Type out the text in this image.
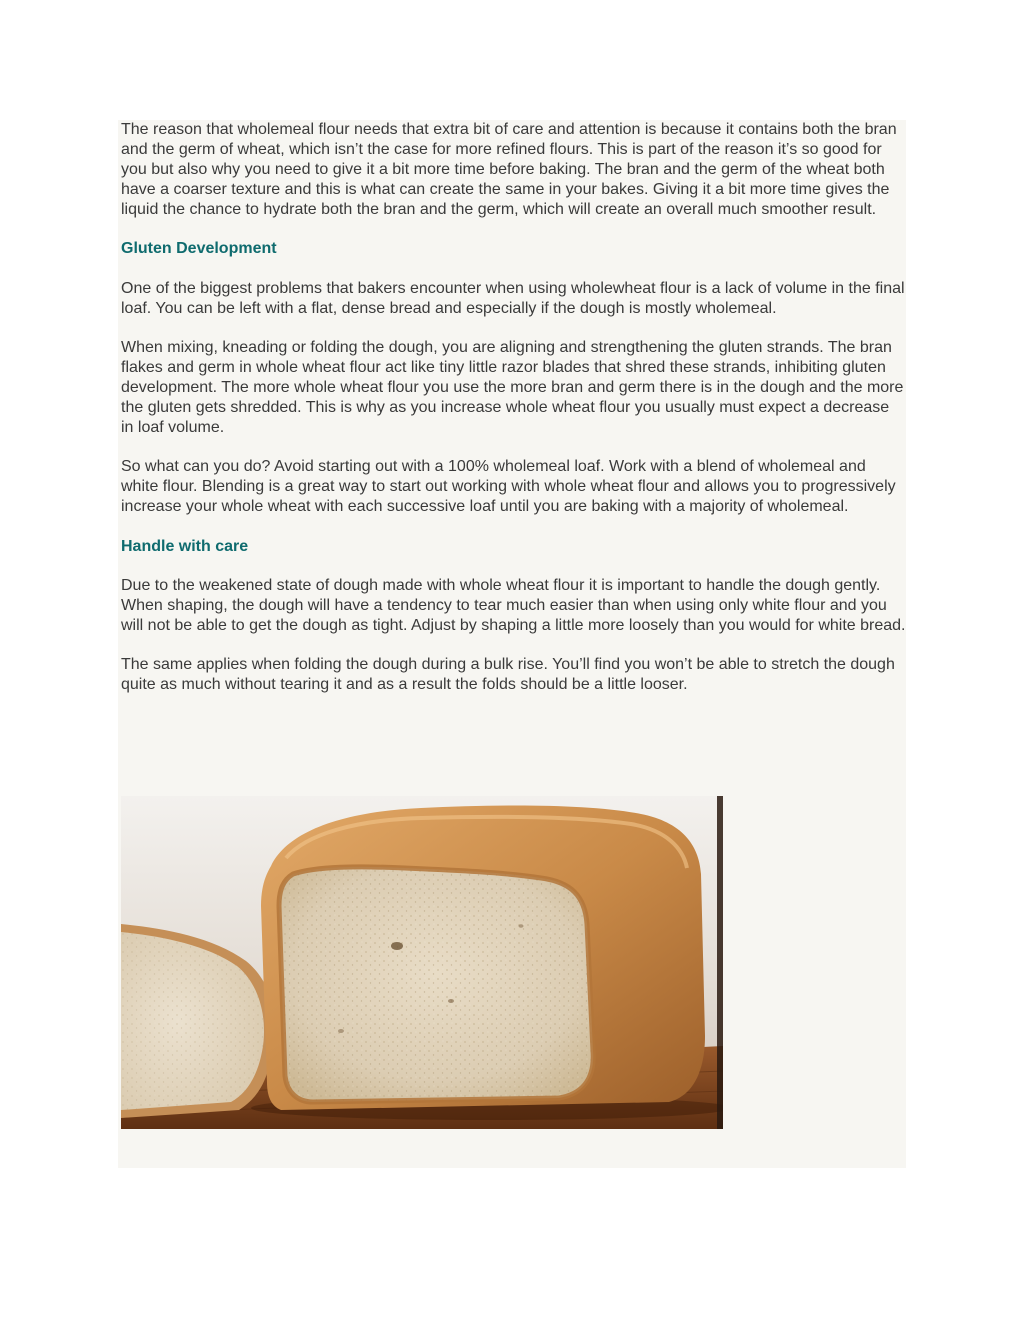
The reason that wholemeal flour needs that extra bit of care and attention is because it contains both the bran and the germ of wheat, which isn’t the case for more refined flours. This is part of the reason it’s so good for you but also why you need to give it a bit more time before baking. The bran and the germ of the wheat both have a coarser texture and this is what can create the same in your bakes. Giving it a bit more time gives the liquid the chance to hydrate both the bran and the germ, which will create an overall much smoother result.

Gluten Development

One of the biggest problems that bakers encounter when using wholewheat flour is a lack of volume in the final loaf. You can be left with a flat, dense bread and especially if the dough is mostly wholemeal.

When mixing, kneading or folding the dough, you are aligning and strengthening the gluten strands. The bran flakes and germ in whole wheat flour act like tiny little razor blades that shred these strands, inhibiting gluten development. The more whole wheat flour you use the more bran and germ there is in the dough and the more the gluten gets shredded. This is why as you increase whole wheat flour you usually must expect a decrease in loaf volume.

So what can you do? Avoid starting out with a 100% wholemeal loaf. Work with a blend of wholemeal and white flour. Blending is a great way to start out working with whole wheat flour and allows you to progressively increase your whole wheat with each successive loaf until you are baking with a majority of wholemeal.

Handle with care

Due to the weakened state of dough made with whole wheat flour it is important to handle the dough gently. When shaping, the dough will have a tendency to tear much easier than when using only white flour and you will not be able to get the dough as tight. Adjust by shaping a little more loosely than you would for white bread.

The same applies when folding the dough during a bulk rise. You’ll find you won’t be able to stretch the dough quite as much without tearing it and as a result the folds should be a little looser.
